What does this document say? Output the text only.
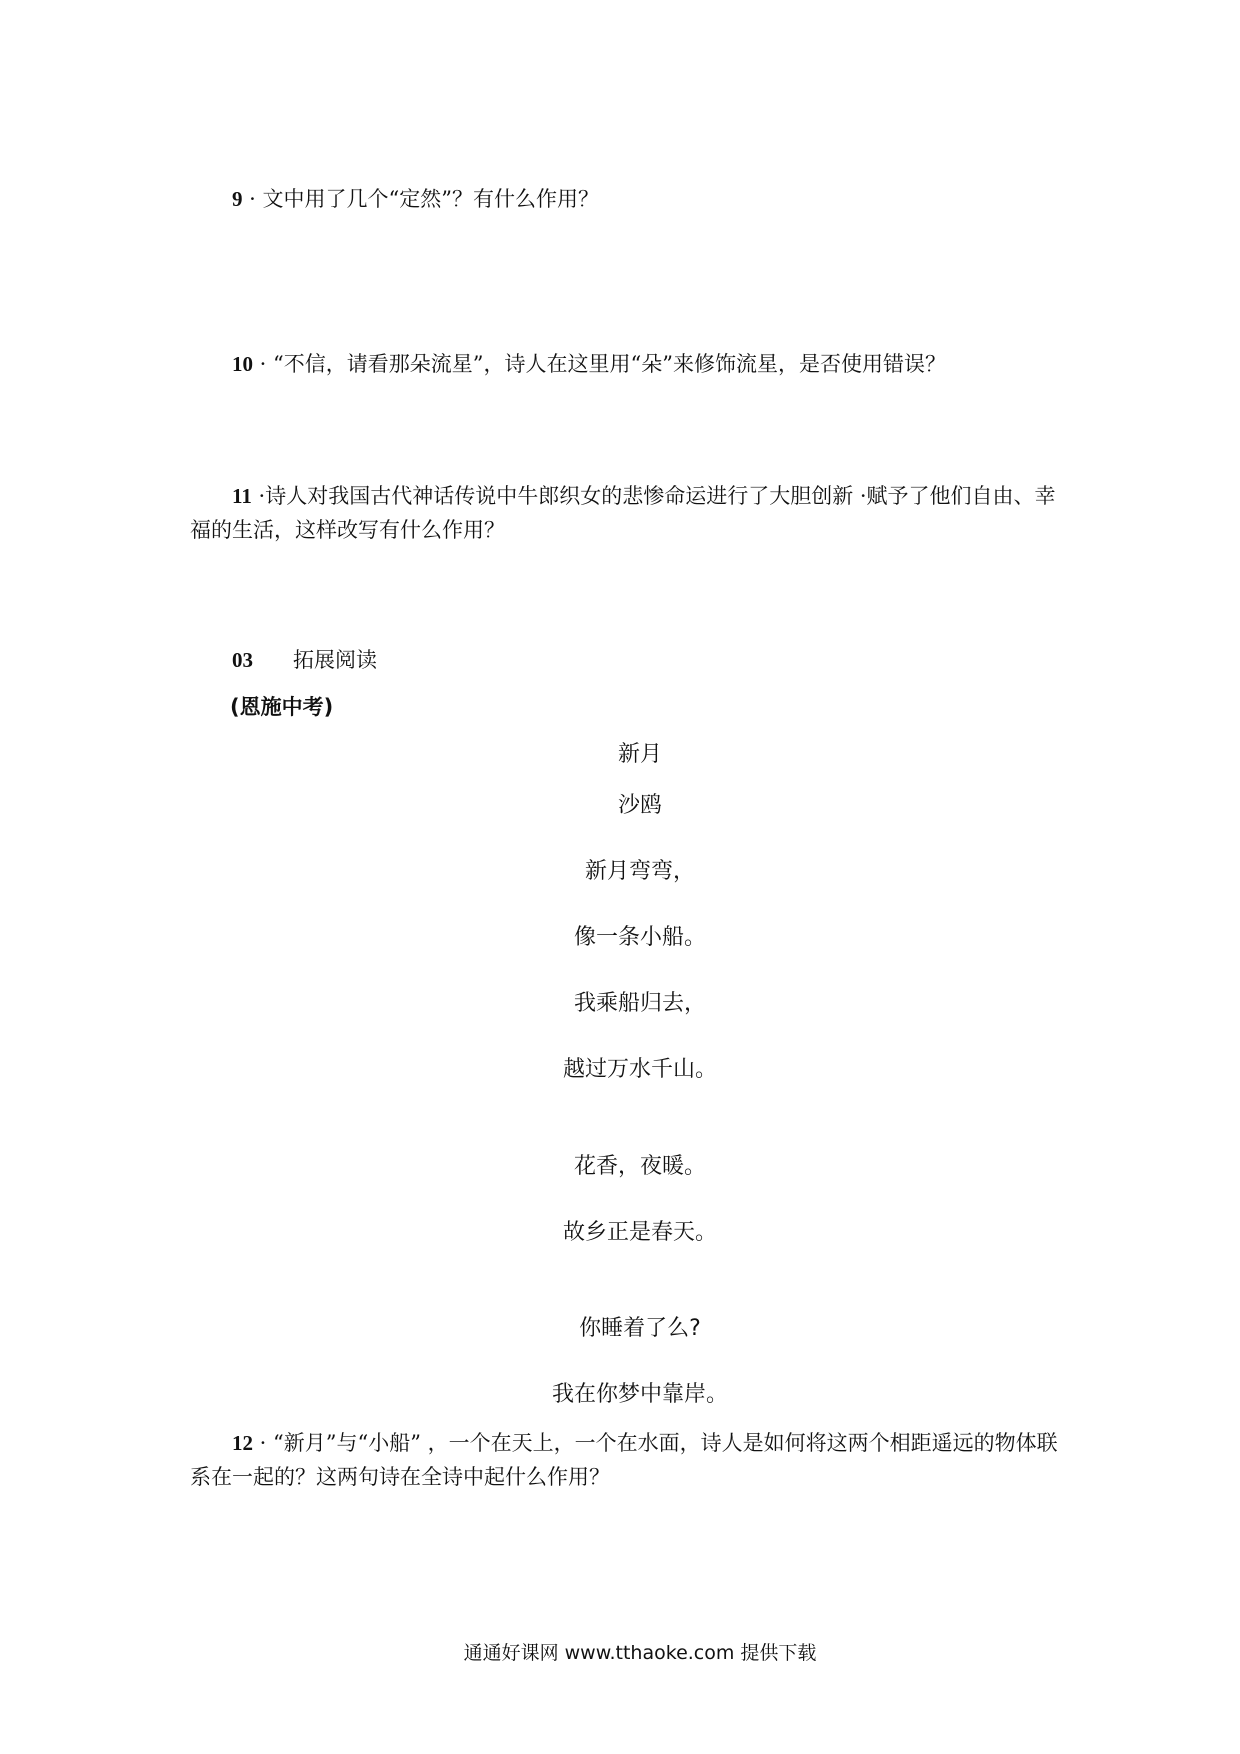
9 · 文中用了几个“定然”？有什么作用？

10 · “不信，请看那朵流星”，诗人在这里用“朵”来修饰流星，是否使用错误？

11 ·诗人对我国古代神话传说中牛郎织女的悲惨命运进行了大胆创新 ·赋予了他们自由、幸福的生活，这样改写有什么作用？

03 拓展阅读
(恩施中考)
新月
沙鸥
新月弯弯，
像一条小船。
我乘船归去，
越过万水千山。
花香，夜暖。
故乡正是春天。
你睡着了么?
我在你梦中靠岸。

12 · “新月”与“小船” ，一个在天上，一个在水面，诗人是如何将这两个相距遥远的物体联系在一起的？这两句诗在全诗中起什么作用？

通通好课网 www.tthaoke.com 提供下载
